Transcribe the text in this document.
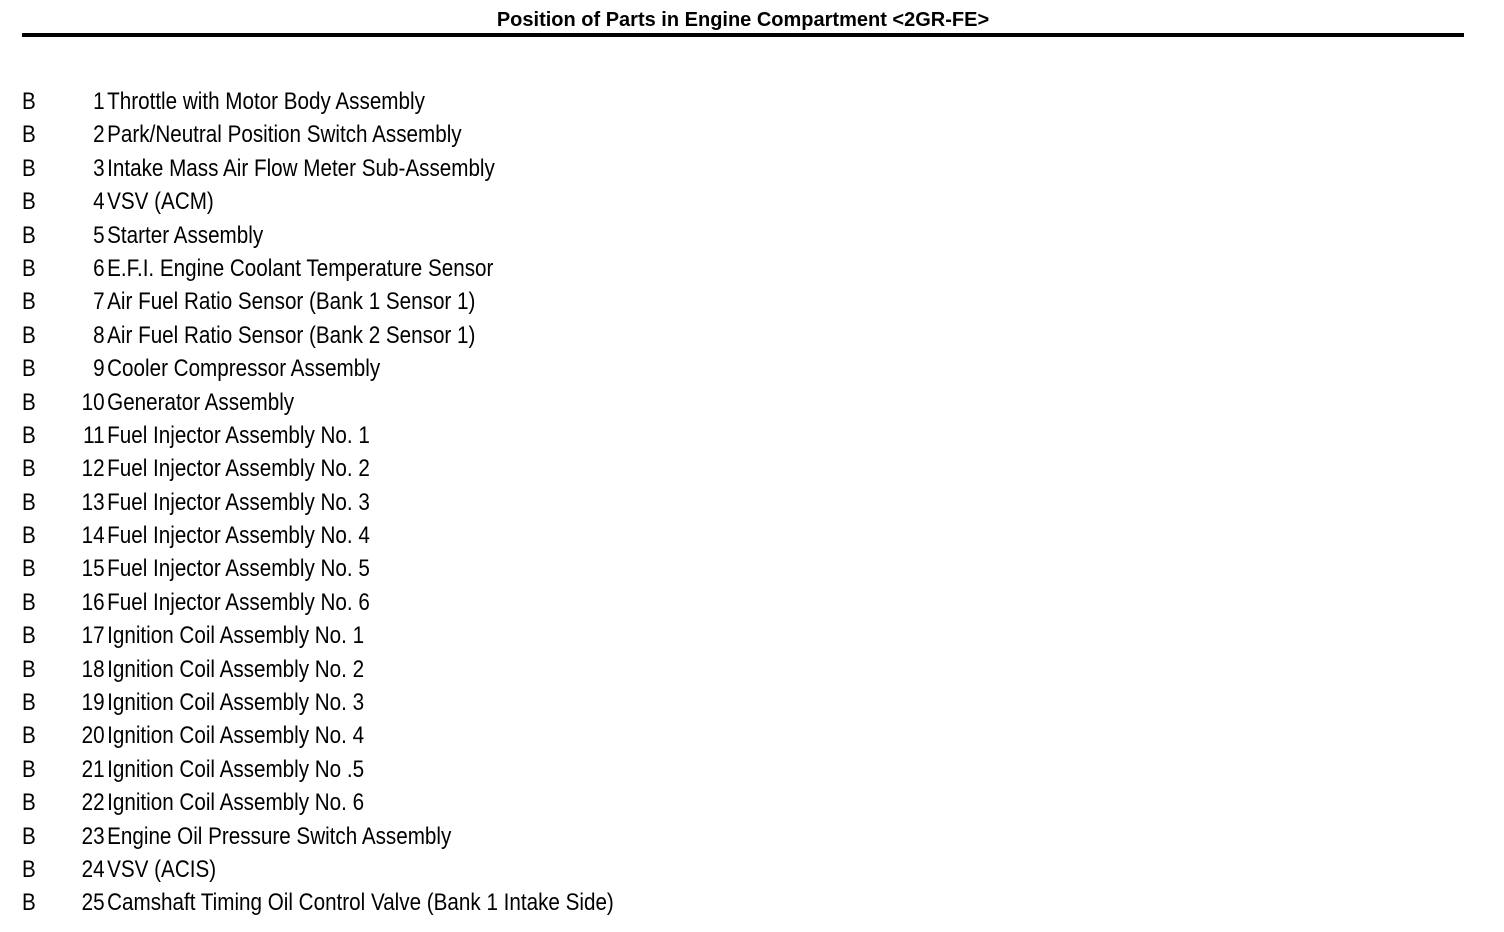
Position of Parts in Engine Compartment <2GR-FE>
B	1 Throttle with Motor Body Assembly
B	2 Park/Neutral Position Switch Assembly
B	3 Intake Mass Air Flow Meter Sub-Assembly
B	4 VSV (ACM)
B	5 Starter Assembly
B	6 E.F.I. Engine Coolant Temperature Sensor
B	7 Air Fuel Ratio Sensor (Bank 1 Sensor 1)
B	8 Air Fuel Ratio Sensor (Bank 2 Sensor 1)
B	9 Cooler Compressor Assembly
B	10 Generator Assembly
B	11 Fuel Injector Assembly No. 1
B	12 Fuel Injector Assembly No. 2
B	13 Fuel Injector Assembly No. 3
B	14 Fuel Injector Assembly No. 4
B	15 Fuel Injector Assembly No. 5
B	16 Fuel Injector Assembly No. 6
B	17 Ignition Coil Assembly No. 1
B	18 Ignition Coil Assembly No. 2
B	19 Ignition Coil Assembly No. 3
B	20 Ignition Coil Assembly No. 4
B	21 Ignition Coil Assembly No .5
B	22 Ignition Coil Assembly No. 6
B	23 Engine Oil Pressure Switch Assembly
B	24 VSV (ACIS)
B	25 Camshaft Timing Oil Control Valve (Bank 1 Intake Side)
